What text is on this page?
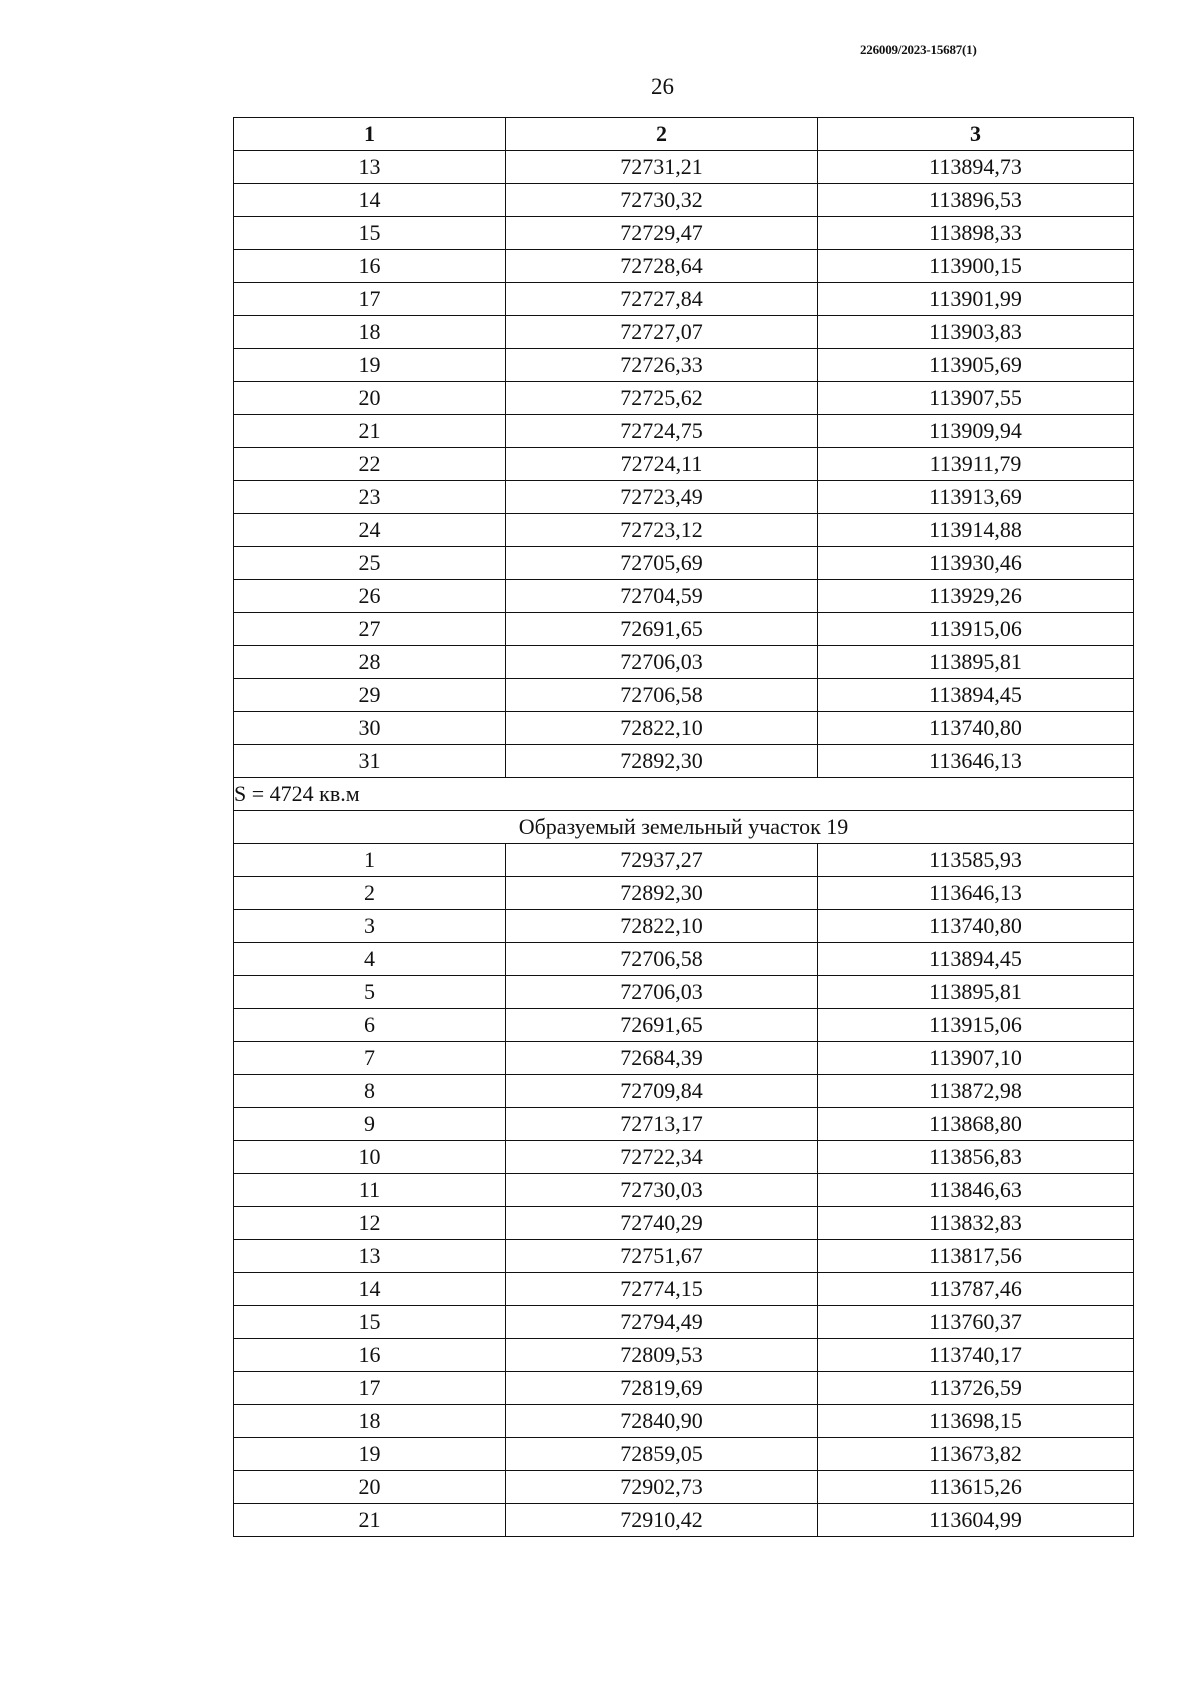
226009/2023-15687(1)
26
1	2	3
13	72731,21	113894,73
14	72730,32	113896,53
15	72729,47	113898,33
16	72728,64	113900,15
17	72727,84	113901,99
18	72727,07	113903,83
19	72726,33	113905,69
20	72725,62	113907,55
21	72724,75	113909,94
22	72724,11	113911,79
23	72723,49	113913,69
24	72723,12	113914,88
25	72705,69	113930,46
26	72704,59	113929,26
27	72691,65	113915,06
28	72706,03	113895,81
29	72706,58	113894,45
30	72822,10	113740,80
31	72892,30	113646,13
S = 4724 кв.м		
Образуемый земельный участок 19		
1	72937,27	113585,93
2	72892,30	113646,13
3	72822,10	113740,80
4	72706,58	113894,45
5	72706,03	113895,81
6	72691,65	113915,06
7	72684,39	113907,10
8	72709,84	113872,98
9	72713,17	113868,80
10	72722,34	113856,83
11	72730,03	113846,63
12	72740,29	113832,83
13	72751,67	113817,56
14	72774,15	113787,46
15	72794,49	113760,37
16	72809,53	113740,17
17	72819,69	113726,59
18	72840,90	113698,15
19	72859,05	113673,82
20	72902,73	113615,26
21	72910,42	113604,99
